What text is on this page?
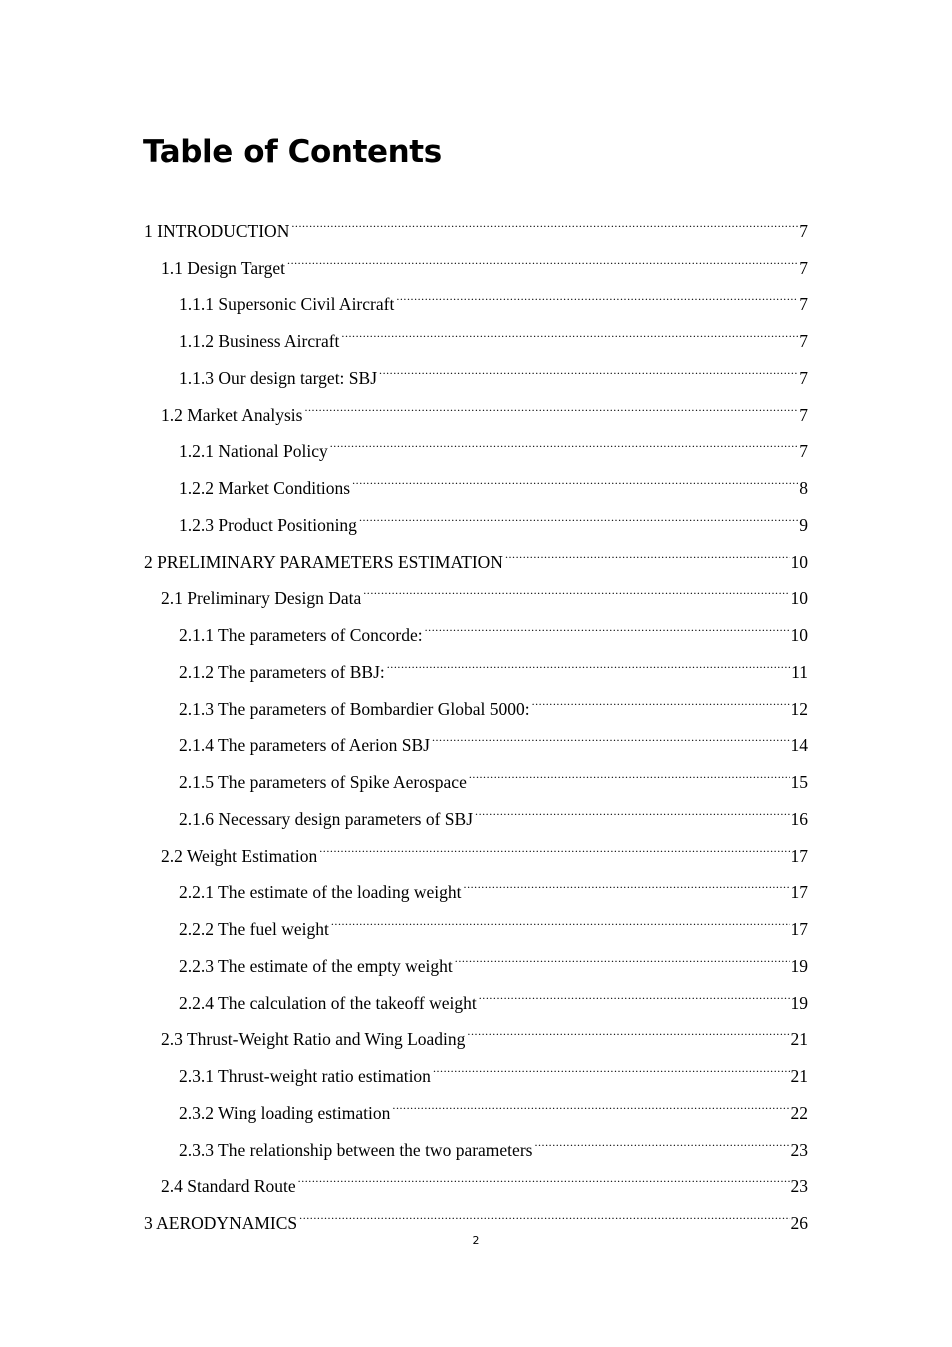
Table of Contents
1 INTRODUCTION .....	7
1.1 Design Target .....	7
1.1.1 Supersonic Civil Aircraft .....	7
1.1.2 Business Aircraft .....	7
1.1.3 Our design target: SBJ .....	7
1.2 Market Analysis .....	7
1.2.1 National Policy .....	7
1.2.2 Market Conditions .....	8
1.2.3 Product Positioning .....	9
2 PRELIMINARY PARAMETERS ESTIMATION .....	10
2.1 Preliminary Design Data .....	10
2.1.1 The parameters of Concorde: .....	10
2.1.2 The parameters of BBJ: .....	11
2.1.3 The parameters of Bombardier Global 5000: .....	12
2.1.4 The parameters of Aerion SBJ .....	14
2.1.5 The parameters of Spike Aerospace .....	15
2.1.6 Necessary design parameters of SBJ .....	16
2.2 Weight Estimation .....	17
2.2.1 The estimate of the loading weight .....	17
2.2.2 The fuel weight .....	17
2.2.3 The estimate of the empty weight .....	19
2.2.4 The calculation of the takeoff weight .....	19
2.3 Thrust-Weight Ratio and Wing Loading .....	21
2.3.1 Thrust-weight ratio estimation .....	21
2.3.2 Wing loading estimation .....	22
2.3.3 The relationship between the two parameters .....	23
2.4 Standard Route .....	23
3 AERODYNAMICS .....	26
2
